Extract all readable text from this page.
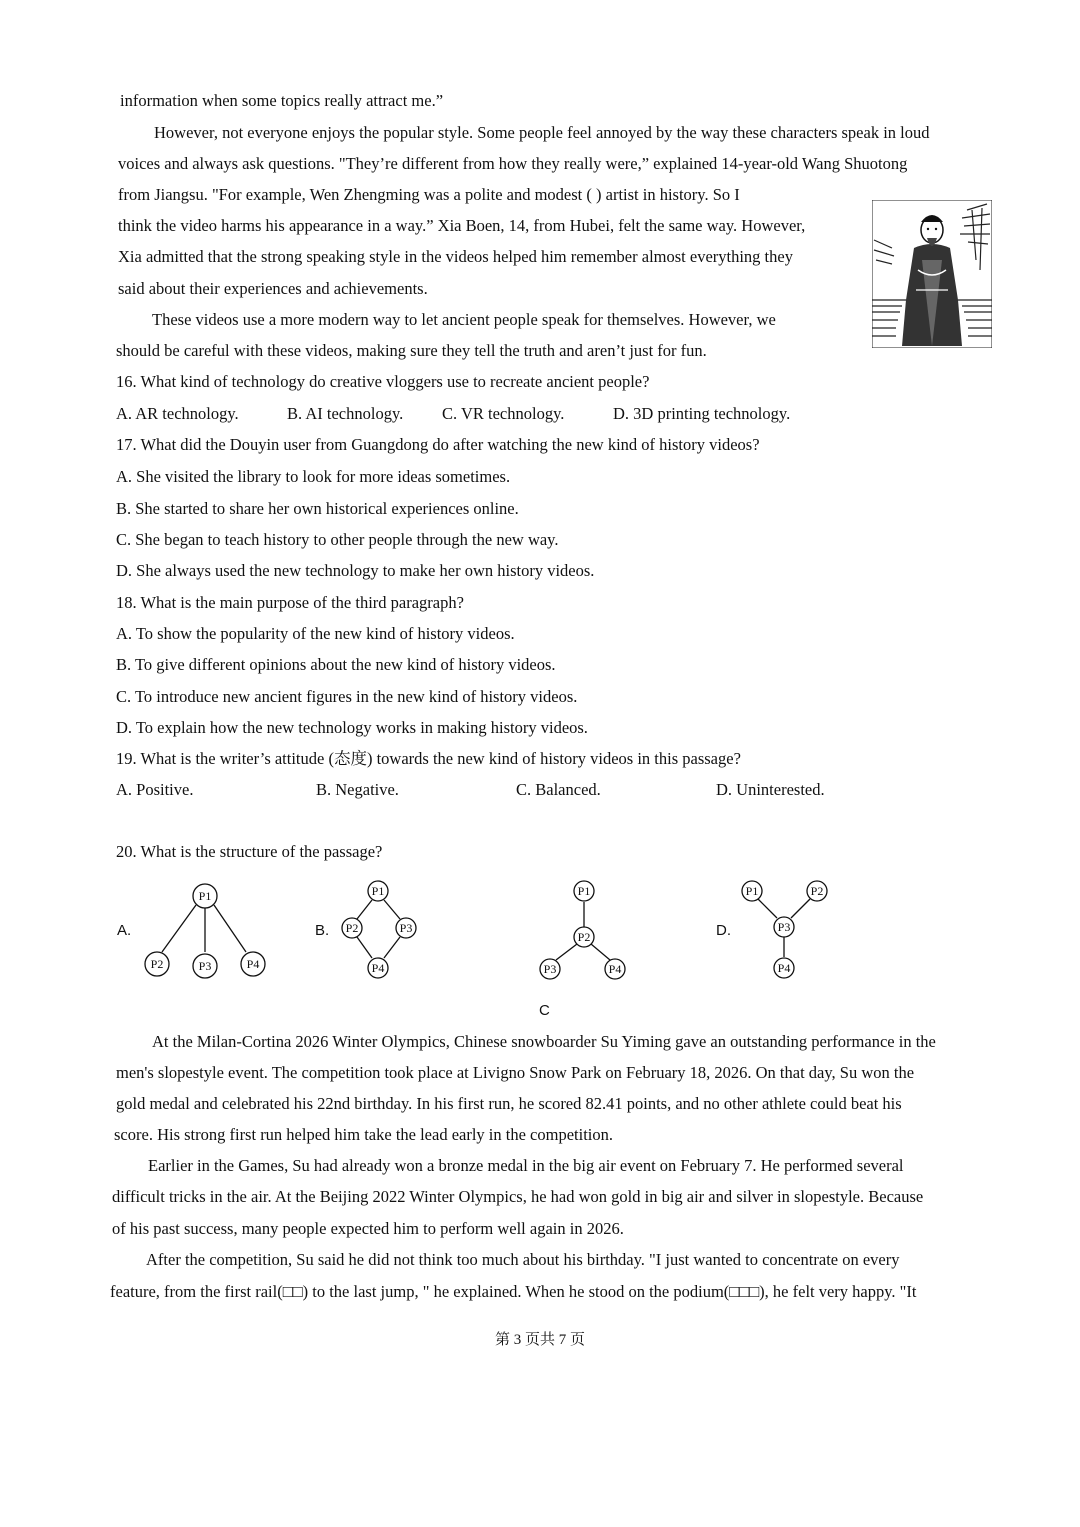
information when some topics really attract me.”
However, not everyone enjoys the popular style. Some people feel annoyed by the way these characters speak in loud
voices and always ask questions. "They’re different from how they really were,” explained 14-year-old Wang Shuotong
from Jiangsu. "For example, Wen Zhengming was a polite and modest ( ) artist in history. So I
think the video harms his appearance in a way.” Xia Boen, 14, from Hubei, felt the same way. However,
Xia admitted that the strong speaking style in the videos helped him remember almost everything they
said about their experiences and achievements.
These videos use a more modern way to let ancient people speak for themselves. However, we
should be careful with these videos, making sure they tell the truth and aren’t just for fun.
16. What kind of technology do creative vloggers use to recreate ancient people?
A. AR technology.	B. AI technology. C. VR technology.	D. 3D printing technology.
17. What did the Douyin user from Guangdong do after watching the new kind of history videos?
A. She visited the library to look for more ideas sometimes.
B. She started to share her own historical experiences online.
C. She began to teach history to other people through the new way.
D. She always used the new technology to make her own history videos.
18. What is the main purpose of the third paragraph?
A. To show the popularity of the new kind of history videos.
B. To give different opinions about the new kind of history videos.
C. To introduce new ancient figures in the new kind of history videos.
D. To explain how the new technology works in making history videos.
19. What is the writer’s attitude (态度) towards the new kind of history videos in this passage?
A. Positive.	B. Negative.	C. Balanced.	D. Uninterested.
20. What is the structure of the passage?
A.	B.
C
D.
P1
P2	P3	P4
P1
P2	P3
P4
P1
P2
P3	P4
P1	P2
P3
P4
At the Milan-Cortina 2026 Winter Olympics, Chinese snowboarder Su Yiming gave an outstanding performance in the
men's slopestyle event. The competition took place at Livigno Snow Park on February 18, 2026. On that day, Su won the
gold medal and celebrated his 22nd birthday. In his first run, he scored 82.41 points, and no other athlete could beat his
score. His strong first run helped him take the lead early in the competition.
Earlier in the Games, Su had already won a bronze medal in the big air event on February 7. He performed several
difficult tricks in the air. At the Beijing 2022 Winter Olympics, he had won gold in big air and silver in slopestyle. Because
of his past success, many people expected him to perform well again in 2026.
After the competition, Su said he did not think too much about his birthday. "I just wanted to concentrate on every
feature, from the first rail(□□) to the last jump, " he explained. When he stood on the podium(□□□), he felt very happy. "It
第 3 页共 7 页
